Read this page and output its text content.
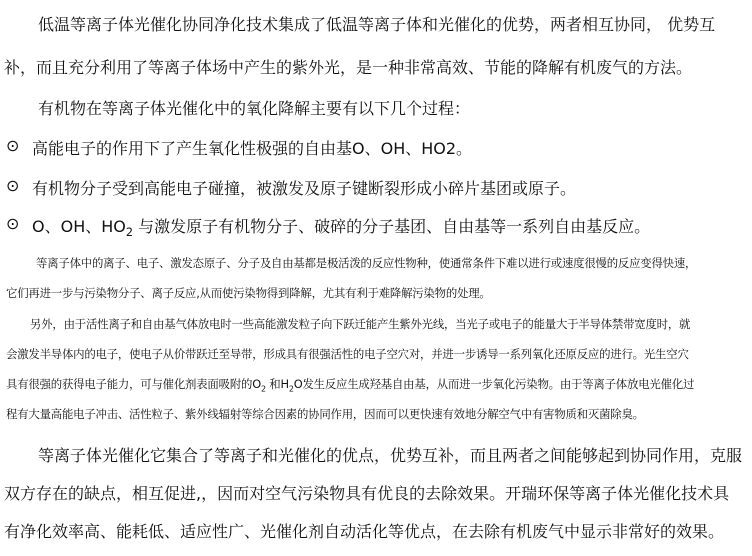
低温等离子体光催化协同净化技术集成了低温等离子体和光催化的优势，两者相互协同， 优势互
补，而且充分利用了等离子体场中产生的紫外光，是一种非常高效、节能的降解有机废气的方法。
有机物在等离子体光催化中的氧化降解主要有以下几个过程：
⊙ 高能电子的作用下了产生氧化性极强的自由基O、OH、HO2。
⊙ 有机物分子受到高能电子碰撞，被激发及原子键断裂形成小碎片基团或原子。
⊙ O、OH、$HO_2$ 与激发原子有机物分子、破碎的分子基团、自由基等一系列自由基反应。
等离子体中的离子、电子、激发态原子、分子及自由基都是极活泼的反应性物种，使通常条件下难以进行或速度很慢的反应变得快速，
它们再进一步与污染物分子、离子反应,从而使污染物得到降解，尤其有利于难降解污染物的处理。
另外，由于活性离子和自由基气体放电时一些高能激发粒子向下跃迁能产生紫外光线，当光子或电子的能量大于半导体禁带宽度时，就
会激发半导体内的电子，使电子从价带跃迁至导带，形成具有很强活性的电子空穴对，并进一步诱导一系列氧化还原反应的进行。光生空穴
具有很强的获得电子能力，可与催化剂表面吸附的$O_2$ 和$H_2O$发生反应生成羟基自由基，从而进一步氧化污染物。由于等离子体放电光催化过
程有大量高能电子冲击、活性粒子、紫外线辐射等综合因素的协同作用，因而可以更快速有效地分解空气中有害物质和灭菌除臭。
等离子体光催化它集合了等离子和光催化的优点，优势互补，而且两者之间能够起到协同作用，克服
双方存在的缺点，相互促进,，因而对空气污染物具有优良的去除效果。开瑞环保等离子体光催化技术具
有净化效率高、能耗低、适应性广、光催化剂自动活化等优点，在去除有机废气中显示非常好的效果。
